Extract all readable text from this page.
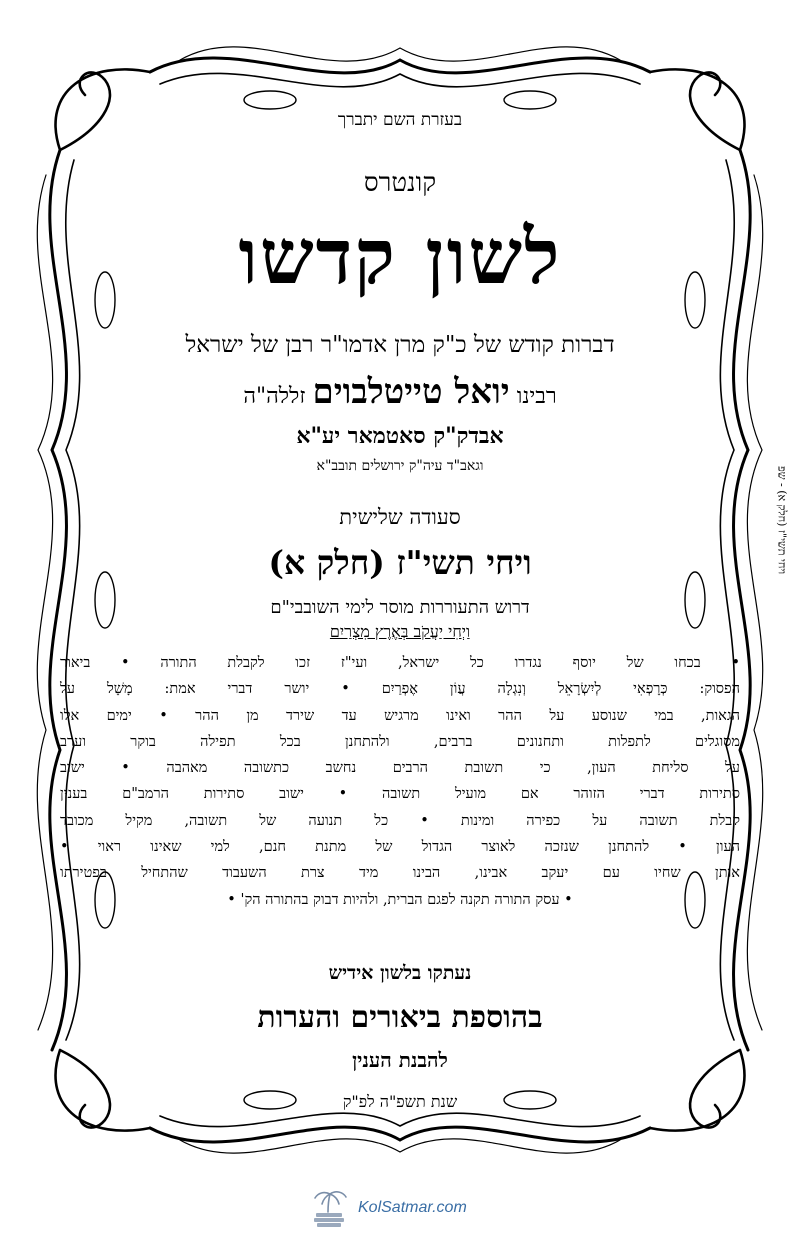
בעזרת השם יתברך
קונטרס
לשון קדשו
דברות קודש של כ"ק מרן אדמו"ר רבן של ישראל
רבינו יואל טייטלבוים זללה"ה
אבדק"ק סאטמאר יע"א
וגאב"ד עיה"ק ירושלים תובב"א
סעודה שלישית
ויחי תשי"ז (חלק א)
דרוש התעוררות מוסר לימי השובבי"ם
וַיְחִי יַעֲקֹב בְּאֶרֶץ מִצְרַיִם
• בכחו של יוסף נגדרו כל ישראל, ועי"ז זכו לקבלת התורה • ביאור
הפסוק: כְּרָפְאִי לְיִשְׂרָאֵל וְנִגְלָה עֲוֹן אֶפְרַיִם • יושר דברי אמת: מָשָׁל על
הגאות, במי שנוסע על ההר ואינו מרגיש עד שירד מן ההר • ימים אלו
מסוגלים לתפלות ותחנונים ברבים, ולהתחנן בכל תפילה בוקר וערב
על סליחת העון, כי תשובת הרבים נחשב כתשובה מאהבה • ישוב
סתירות דברי הזוהר אם מועיל תשובה • ישוב סתירות הרמב"ם בענין
קבלת תשובה על כפירה ומינות • כל תנועה של תשובה, מקיל מכובד
העון • להתחנן שנזכה לאוצר הגדול של מתנת חנם, למי שאינו ראוי •
אותן שחיו עם יעקב אבינו, הבינו מיד צרת השעבוד שהתחיל בפטירתו
• עסק התורה תקנה לפגם הברית, ולהיות דבוק בהתורה הק' •
נעתקו בלשון אידיש
בהוספת ביאורים והערות
להבנת הענין
שנת תשפ"ה לפ"ק
ויחי תשי"ז (חלק א) - שפ
KolSatmar.com
